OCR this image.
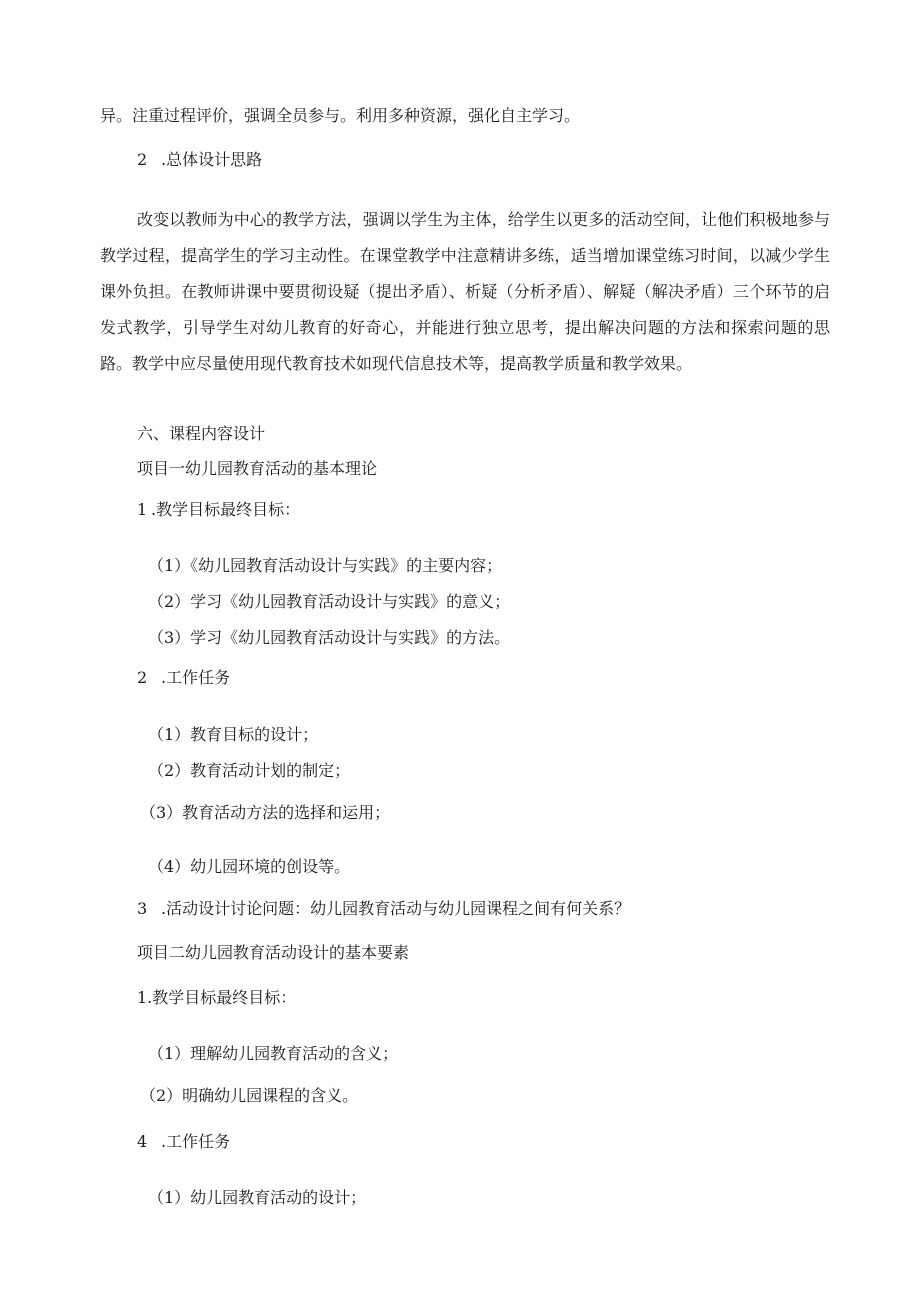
异。注重过程评价，强调全员参与。利用多种资源，强化自主学习。
2 .总体设计思路

改变以教师为中心的教学方法，强调以学生为主体，给学生以更多的活动空间，让他们积极地参与教学过程，提高学生的学习主动性。在课堂教学中注意精讲多练，适当增加课堂练习时间，以减少学生课外负担。在教师讲课中要贯彻设疑（提出矛盾）、析疑（分析矛盾）、解疑（解决矛盾）三个环节的启发式教学，引导学生对幼儿教育的好奇心，并能进行独立思考，提出解决问题的方法和探索问题的思路。教学中应尽量使用现代教育技术如现代信息技术等，提高教学质量和教学效果。

六、课程内容设计
项目一幼儿园教育活动的基本理论
1 .教学目标最终目标：
（1）《幼儿园教育活动设计与实践》的主要内容；
（2）学习《幼儿园教育活动设计与实践》的意义；
（3）学习《幼儿园教育活动设计与实践》的方法。
2 .工作任务
（1）教育目标的设计；
（2）教育活动计划的制定；
（3）教育活动方法的选择和运用；
（4）幼儿园环境的创设等。
3 .活动设计讨论问题：幼儿园教育活动与幼儿园课程之间有何关系？
项目二幼儿园教育活动设计的基本要素
1.教学目标最终目标：
（1）理解幼儿园教育活动的含义；
（2）明确幼儿园课程的含义。
4 .工作任务
（1）幼儿园教育活动的设计；
